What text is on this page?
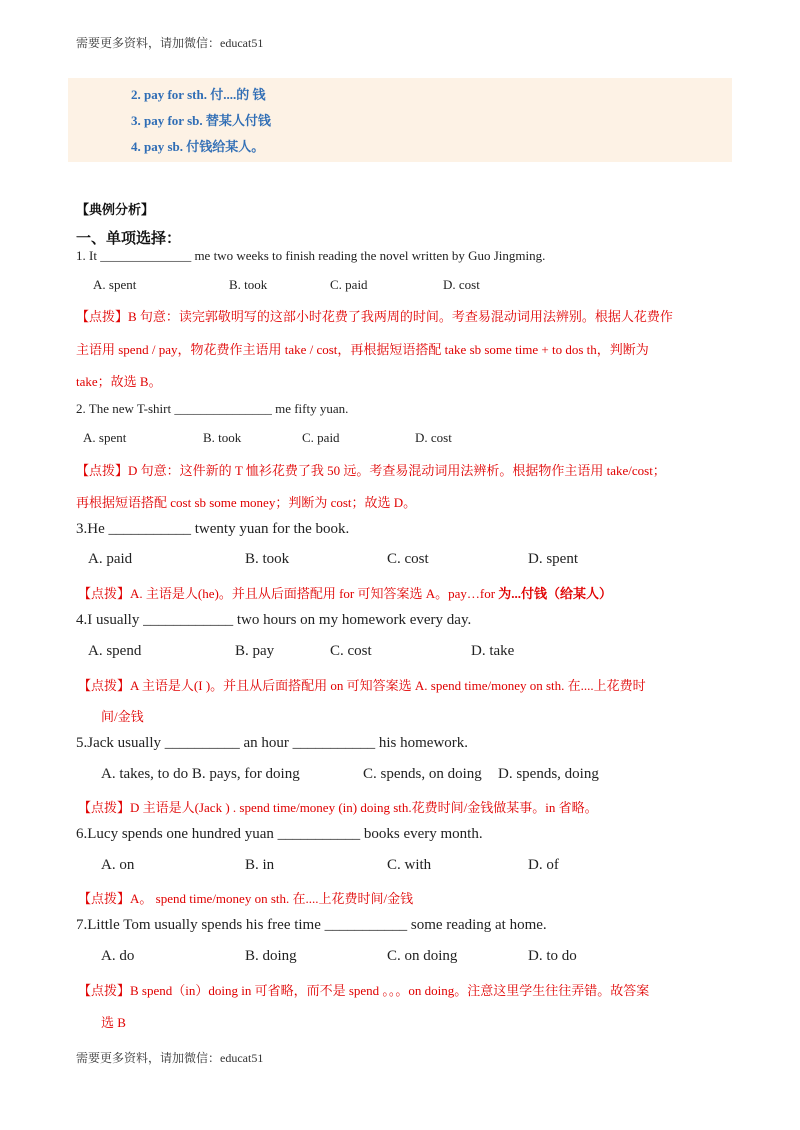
需要更多资料，请加微信：educat51
2. pay for sth. 付....的 钱
3. pay for sb. 替某人付钱
4. pay sb. 付钱给某人。
【典例分析】
一、单项选择：
1. It ______________ me two weeks to finish reading the novel written by Guo Jingming.
A. spent	B. took	C. paid	D. cost
【点拨】B 句意：读完郭敬明写的这部小时花费了我两周的时间。考查易混动词用法辨别。根据人花费作
主语用 spend / pay，物花费作主语用 take / cost，再根据短语搭配 take sb some time + to dos th，判断为
take；故选 B。
2. The new T-shirt _______________ me fifty yuan.
A. spent	B. took	C. paid	D. cost
【点拨】D 句意：这件新的 T 恤衫花费了我 50 远。考查易混动词用法辨析。根据物作主语用 take/cost；
再根据短语搭配 cost sb some money；判断为 cost；故选 D。
3.He ___________ twenty yuan for the book.
A. paid	B. took	C. cost	D. spent
【点拨】A. 主语是人(he)。并且从后面搭配用 for 可知答案选 A。pay…for 为...付钱（给某人）
4.I usually ____________ two hours on my homework every day.
A. spend	B. pay	C. cost	D. take
【点拨】A 主语是人(I )。并且从后面搭配用 on 可知答案选 A. spend time/money on sth. 在....上花费时
间/金钱
5.Jack usually __________ an hour ___________ his homework.
A. takes, to do B. pays, for doing	C. spends, on doing D. spends, doing
【点拨】D 主语是人(Jack ) . spend time/money (in) doing sth.花费时间/金钱做某事。in 省略。
6.Lucy spends one hundred yuan ___________ books every month.
A. on	B. in	C. with	D. of
【点拨】A。 spend time/money on sth. 在....上花费时间/金钱
7.Little Tom usually spends his free time ___________ some reading at home.
A. do	B. doing	C. on doing	D. to do
【点拨】B spend（in）doing in 可省略，而不是 spend 。。。on doing。注意这里学生往往弄错。故答案
选 B
需要更多资料，请加微信：educat51
